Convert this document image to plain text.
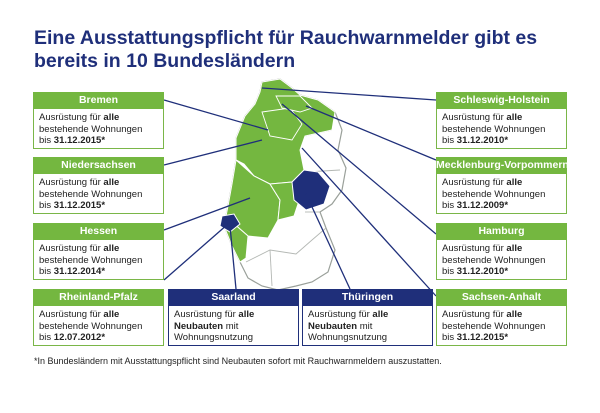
Eine Ausstattungspflicht für Rauchwarnmelder gibt es
bereits in 10 Bundesländern
Bremen
Ausrüstung für alle
bestehende Wohnungen
bis 31.12.2015*
Niedersachsen
Ausrüstung für alle
bestehende Wohnungen
bis 31.12.2015*
Hessen
Ausrüstung für alle
bestehende Wohnungen
bis 31.12.2014*
Rheinland-Pfalz
Ausrüstung für alle
bestehende Wohnungen
bis 12.07.2012*
Saarland
Ausrüstung für alle
Neubauten mit
Wohnungsnutzung
Thüringen
Ausrüstung für alle
Neubauten mit
Wohnungsnutzung
Schleswig-Holstein
Ausrüstung für alle
bestehende Wohnungen
bis 31.12.2010*
Mecklenburg-Vorpommern
Ausrüstung für alle
bestehende Wohnungen
bis 31.12.2009*
Hamburg
Ausrüstung für alle
bestehende Wohnungen
bis 31.12.2010*
Sachsen-Anhalt
Ausrüstung für alle
bestehende Wohnungen
bis 31.12.2015*
*In Bundesländern mit Ausstattungspflicht sind Neubauten sofort mit Rauchwarnmeldern auszustatten.
